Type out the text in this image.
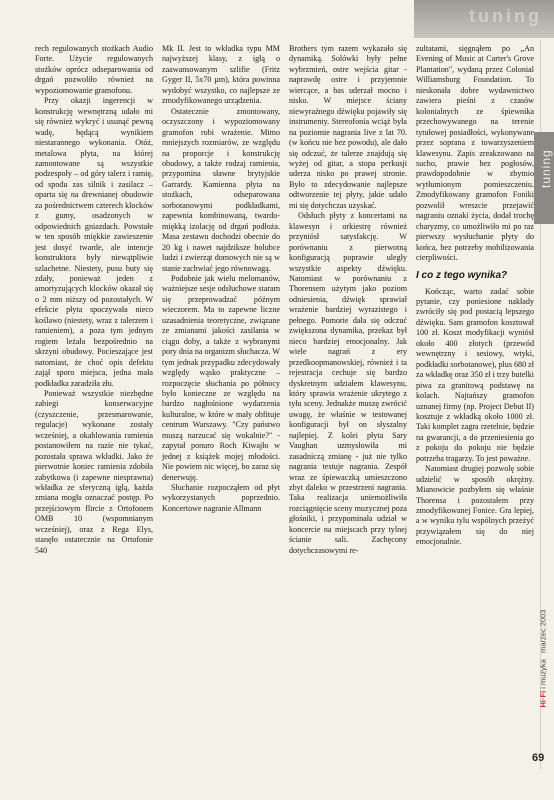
tuning
tuning

rech regulowanych stożkach Audio Forte. Użycie regulowanych stożków oprócz odseparowania od drgań pozwoliło również na wypoziomowanie gramofonu.

Przy okazji ingerencji w konstrukcję wewnętrzną udało mi się również wykryć i usunąć pewną wadę, będącą wynikiem niestarannego wykonania. Otóż, metalowa płyta, na której zamontowane są wszystkie podzespoły – od góry talerz i ramię, od spodu zas silnik i zasilacz – oparta się na drewnianej obudowie za pośrednictwem czterech klocków z gumy, osadzonych w odpowiednich gniazdach. Powstałe w ten sposób miękkie zawieszenie jest dosyć twarde, ale intencje konstruktora były niewątpliwie szlachetne. Niestety, pusu buty się zdały, ponieważ jeden z amortyzujących klocków okazał się o 2 mm niższy od pozostałych. W efekcie płyta spoczywała nieco koślawo (niestety, wraz z talerzem i ramieniem), a poza tym jednym rogiem leżała bezpośrednio na skrzyni obudowy. Pocieszające jest natomiast, że choć opis defektu zajął sporo miejsca, jedna mała podkładka zaradziła złu.

Ponieważ wszystkie niezbędne zabiegi konserwacyjne (czyszczenie, przesmarowanie, regulacje) wykonane zostały wcześniej, a okablowania ramienia postanowiłem na razie nie tykać, pozostała sprawa wkładki. Jako że pierwotnie koniec ramienia zdobiła zabytkowa (i zapewne niesprawna) wkładka ze sferyczną igłą, każda zmiana mogła oznaczać postęp. Po przejściowym flircie z Ortofonem OMB 10 (wspomnianym wcześniej), oraz z Rega Elys, stanęło ostatecznie na Ortofonie 540

Mk II. Jest to wkładka typu MM najwyższej klasy, z igłą o zaawansowanym szlifie (Fritz Gyger II, 5x70 µm), która powinna wydobyć wszystko, co najlepsze ze zmodyfikowanego urządzenia.

Ostatecznie zmontowany, oczyszczony i wypoziomowany gramofon robi wrażenie. Mimo mniejszych rozmiarów, ze względu na proporcje i konstrukcję obudowy, a także rodzaj ramienia, przypomina sławne brytyjskie Garrardy. Kamienna płyta na stożkach, odseparowana sorbotanowymi podkładkami, zapewnia kombinowaną, twardo-miękką izolację od drgań podłoża. Masa zestawu dochodzi obecnie do 20 kg i nawet najdziksze bolubce ludzi i zwierząt domowych nie są w stanie zachwiać jego równowagą.

Podobnie jak wielu melomanów, ważniejsze sesje odsłuchowe staram się przeprowadzać późnym wieczorem. Ma to zapewne liczne uzasadnienia teoretyczne, związane ze zmianami jakości zasilania w ciągu doby, a także z wybranymi pory dnia na organizm słuchacza. W tym jednak przypadku zdecydowały względy wąsko praktyczne – rozpoczęcie słuchania po północy było konieczne ze względu na bardzo nagłośnione wydarzenia kulturalne, w które w mały obfituje centrum Warszawy. "Czy państwo muszą narzucać się wokalnie?" - zapytał ponuro Roch Kiwajło w jednej z książek mojej młodości. Nie powiem nic więcej, bo zaraz się denerwuję.

Słuchanie rozpocząłem od płyt wykorzystanych poprzednio. Koncertowe nagranie Allmann

Brothers tym razem wykazało się dynamiką. Solówki były pełne wybrzmień, ostre wejścia gitar - naprawdę ostre i przyjemnie wiercące, a bas uderzał mocno i nisko. W miejsce ściany niewyraźnego dźwięku pojawiły się instrumenty. Stereofonia wciąż była na poziomie nagrania live z lat 70. (w końcu nie bez powodu), ale dało się odczuć, że talerze znajdują się wyżej od gitar, a stopa perkusji uderza nisko po prawej stronie. Było to zdecydowanie najlepsze odtworzenie tej płyty, jakie udało mi się dotychczas uzyskać.

Odsłuch płyty z koncertami na klawesyn i orkiestrę również przyniósł satysfakcję. W porównaniu z pierwotną konfiguracją poprawie uległy wszystkie aspekty dźwięku. Natomiast w porównaniu z Thorensem użytym jako poziom odniesienia, dźwięk sprawiał wrażenie bardziej wyrazistego i pełnego. Pomorie dała się odczuć zwiększona dynamika, przekaz był nieco bardziej emocjonalny. Jak wiele nagrań z ery przedkoopmanowskiej, również i ta rejestracja cechuje się bardzo dyskretnym udziałem klawesynu, który sprawia wrażenie ukrytego z tyłu sceny. Jednakże muszę zwrócić uwagę, że właśnie w testowanej konfiguracji był on słyszalny najlepiej. Z kolei płyta Sary Vaughan uzmysłowiła mi zasadniczą zmianę - już nie tylko nagrania testuje nagrania. Zespół wraz ze śpiewaczką umieszczono zbyt daleko w przestrzeni nagrania. Taka realizacja uniemożliwiła rozciągnięcie sceny muzycznej poza głośniki, i przypominała udział w koncercie na miejscach przy tylnej ścianie sali. Zachęcony dotychczasowymi re-

zultatami, sięgnąłem po „An Evening of Music at Carter's Grove Plantation", wydaną przez Colonial Williamsburg Foundation. To nieskonała dobre wydawnictwo zawiera pieśni z czasów kolonialnych ze śpiewnika przechowywanego na terenie tytułowej posiadłości, wykonywane przez soprana z towarzyszeniem klawesynu. Zapis zreakzowano na sucho, prawie bez pogłosów, prawdopodobnie w zbytnio wytłumionym pomieszczeniu. Zmodyfikowany gramofon Foniki pozwolił wreszcie przejawić nagraniu oznaki życia, dodał trochę charyzmy, co umożliwiło mi po raz pierwszy wysłuchanie płyty do końca, bez potrzeby mobilizowania cierpliwości.

I co z tego wynika?

Kończąc, warto zadać sobie pytanie, czy poniesione nakłady zwróciły się pod postacią lepszego dźwięku. Sam gramofon kosztował 100 zł. Koszt modyfikacji wyniósł około 400 złotych (przewód wewnętrzny i sesiowy, wtyki, podkładki sorbotanowe), plus 680 zł za wkładkę oraz 350 zł i trzy butelki piwa za granitową podstawę na kolach. Najtańszy gramofon uznanej firmy (np. Project Debut II) kosztuje z wkładką około 1000 zł. Taki komplet zagra rzetelnie, będzie na gwarancji, a do przeniesienia go z pokoju do pokoju nie będzie potrzeba tragarzy. To jest poważne.

Natomiast drugiej pozwolę sobie udzielić w sposób okrężny. Mianowicie pozbyłem się właśnie Thorensa i pozostałem przy zmodyfikowanej Fonice. Gra lepiej, a w wyniku tylu wspólnych przeżyć przywiązałem się do niej emocjonalnie.

Hi·Fi i muzyka   marzec 2003
69
